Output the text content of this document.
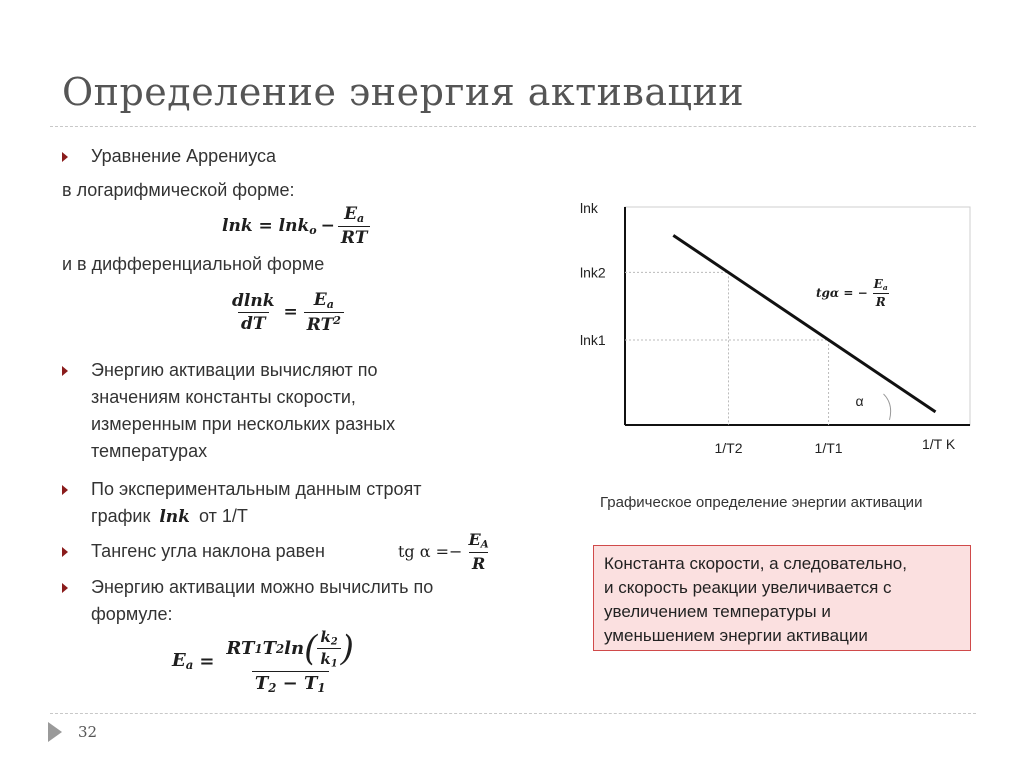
Определение энергия активации
Уравнение Аррениуса
в логарифмической форме:
$\ln k = \ln k_o - \frac{E_a}{RT}$
и в дифференциальной форме
$\frac{dlnk}{dT} = \frac{E_a}{RT^2}$
Энергию активации вычисляют по
значениям константы скорости,
измеренным при нескольких разных
температурах
По экспериментальным данным строят
график lnk от 1/Т
Тангенс угла наклона равен	tg $\alpha =- \frac{E_A}{R}$
Энергию активации можно вычислить по
формуле:
$E_a$ =
RT 1 T 2 ln ( $\frac{k_2}{k_1}$ )
$T_2 - T_1$
lnk
lnk2
lnk1
1/T2	1/T1	1/T K
α
tgα = − $\frac{E_a}{R}$
Графическое определение энергии активации
Константа скорости, а следовательно,
и скорость реакции увеличивается с
увеличением температуры и
уменьшением энергии активации
32
